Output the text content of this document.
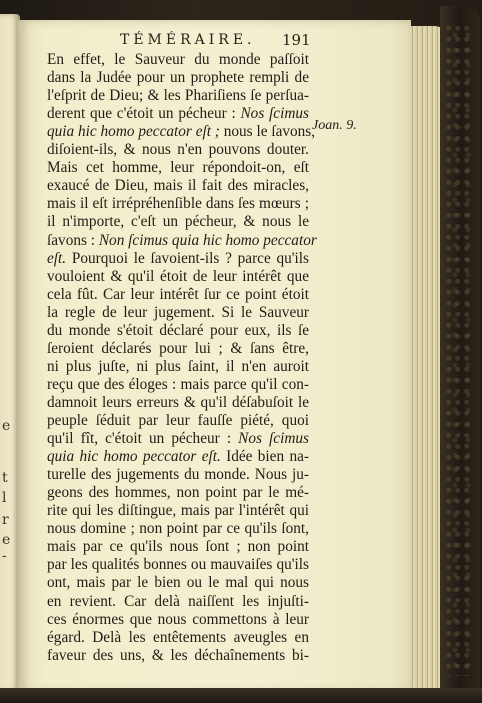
e
t
l
r
e
-
TÉMÉRAIRE. 191
En effet, le Sauveur du monde paſſoit
dans la Judée pour un prophete rempli de
l'eſprit de Dieu; & les Phariſiens ſe perſua-
derent que c'étoit un pécheur : Nos ſcimus
quia hic homo peccator eſt ; nous le ſavons,
diſoient-ils, & nous n'en pouvons douter.
Mais cet homme, leur répondoit-on, eſt
exaucé de Dieu, mais il fait des miracles,
mais il eſt irrépréhenſible dans ſes mœurs ;
il n'importe, c'eſt un pécheur, & nous le
ſavons : Non ſcimus quia hic homo peccator
eſt. Pourquoi le ſavoient-ils ? parce qu'ils
vouloient & qu'il étoit de leur intérêt que
cela fût. Car leur intérêt ſur ce point étoit
la regle de leur jugement. Si le Sauveur
du monde s'étoit déclaré pour eux, ils ſe
ſeroient déclarés pour lui ; & ſans être,
ni plus juſte, ni plus ſaint, il n'en auroit
reçu que des éloges : mais parce qu'il con-
damnoit leurs erreurs & qu'il déſabuſoit le
peuple ſéduit par leur fauſſe piété, quoi
qu'il fît, c'étoit un pécheur : Nos ſcimus
quia hic homo peccator eſt. Idée bien na-
turelle des jugements du monde. Nous ju-
geons des hommes, non point par le mé-
rite qui les diſtingue, mais par l'intérêt qui
nous domine ; non point par ce qu'ils ſont,
mais par ce qu'ils nous ſont ; non point
par les qualités bonnes ou mauvaiſes qu'ils
ont, mais par le bien ou le mal qui nous
en revient. Car delà naiſſent les injuſti-
ces énormes que nous commettons à leur
égard. Delà les entêtements aveugles en
faveur des uns, & les déchaînements bi-
Joan. 9.
